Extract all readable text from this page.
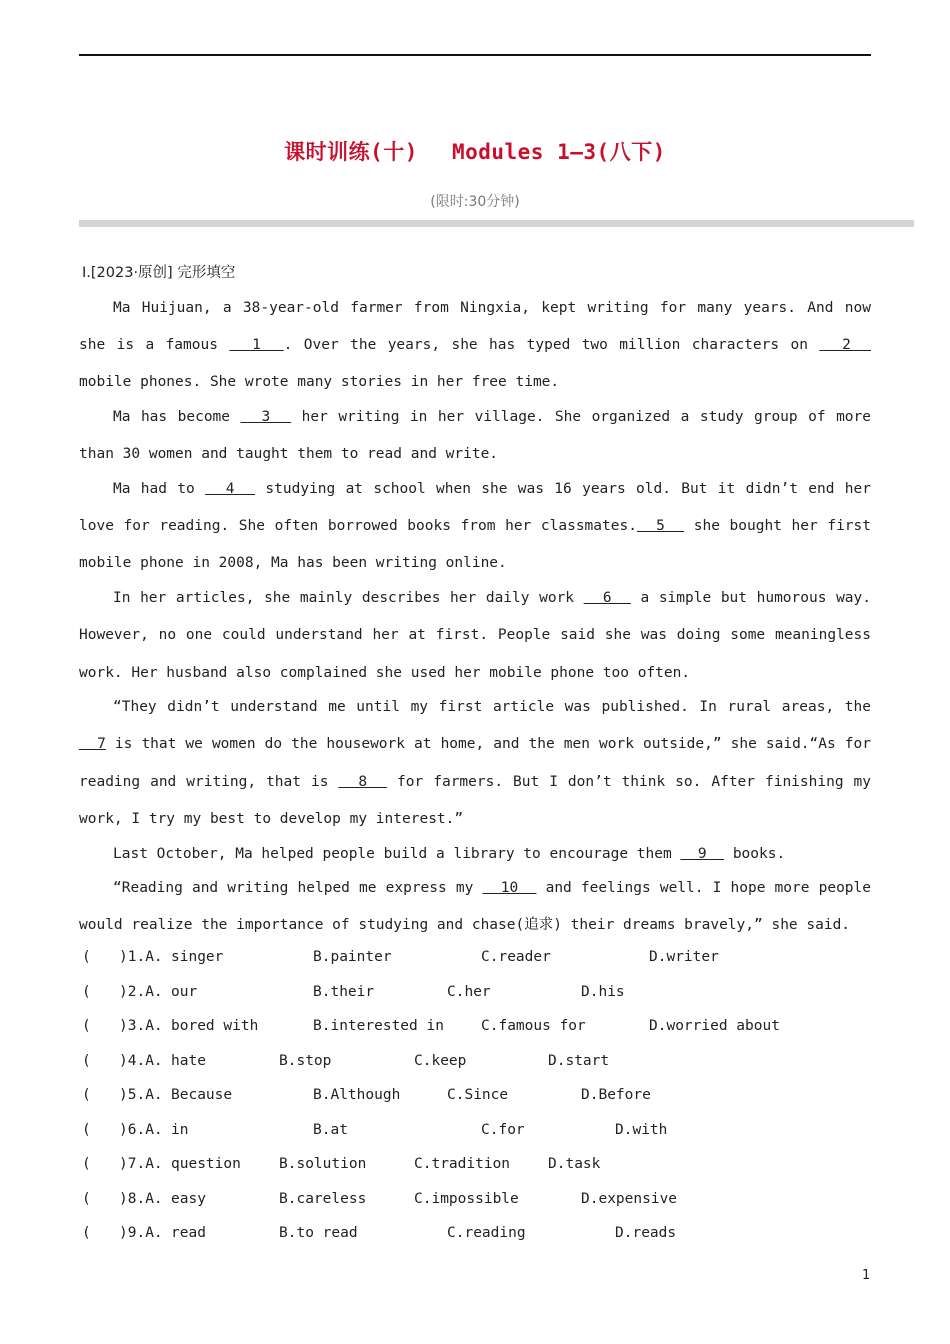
课时训练(十) Modules 1—3(八下)
(限时:30分钟)
Ⅰ.[2023·原创] 完形填空

Ma Huijuan, a 38-year-old farmer from Ningxia, kept writing for many years. And now she is a famous   1  . Over the years, she has typed two million characters on   2   mobile phones. She wrote many stories in her free time.

Ma has become   3   her writing in her village. She organized a study group of more than 30 women and taught them to read and write.

Ma had to   4   studying at school when she was 16 years old. But it didn’t end her love for reading. She often borrowed books from her classmates.  5   she bought her first mobile phone in 2008, Ma has been writing online.

In her articles, she mainly describes her daily work   6   a simple but humorous way. However, no one could understand her at first. People said she was doing some meaningless work. Her husband also complained she used her mobile phone too often.

“They didn’t understand me until my first article was published. In rural areas, the   7 is that we women do the housework at home, and the men work outside,” she said.“As for reading and writing, that is   8   for farmers. But I don’t think so. After finishing my work, I try my best to develop my interest.”

Last October, Ma helped people build a library to encourage them   9   books.

“Reading and writing helped me express my   10   and feelings well. I hope more people would realize the importance of studying and chase(追求) their dreams bravely,” she said.

( )1.A. singer	B.painter	C.reader	D.writer
( )2.A. our	B.their	C.her	D.his
( )3.A. bored with	B.interested in	C.famous for	D.worried about
( )4.A. hate	B.stop	C.keep	D.start
( )5.A. Because	B.Although	C.Since	D.Before
( )6.A. in	B.at	C.for	D.with
( )7.A. question	B.solution	C.tradition	D.task
( )8.A. easy	B.careless	C.impossible	D.expensive
( )9.A. read	B.to read	C.reading	D.reads
1
